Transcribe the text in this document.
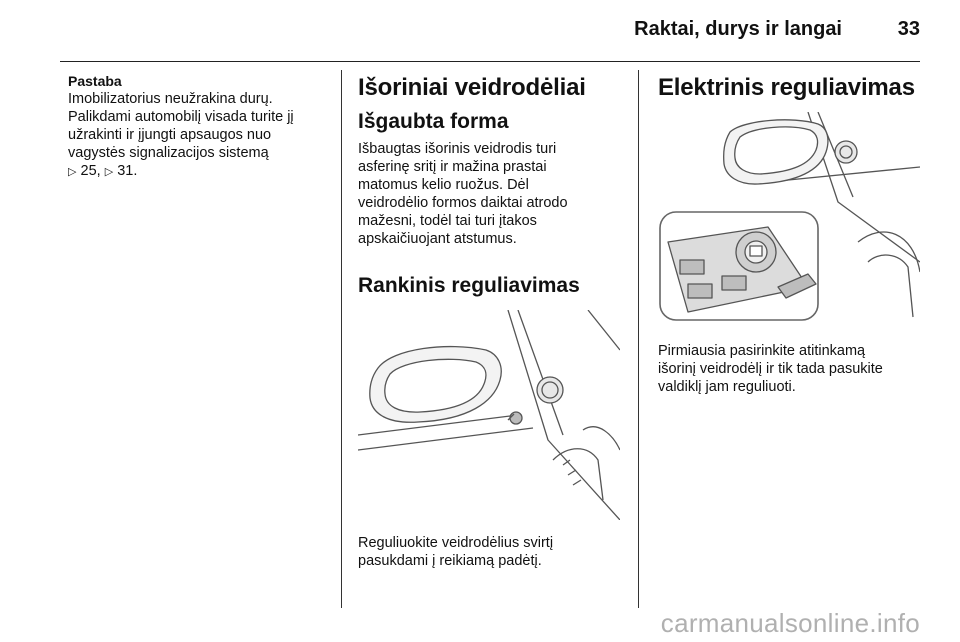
Raktai, durys ir langai	33

Pastaba

Imobilizatorius neužrakina durų.

Palikdami automobilį visada turite jį

užrakinti ir įjungti apsaugos nuo

vagystės signalizacijos sistemą

▷ 25, ▷ 31.

Išoriniai veidrodėliai

Išgaubta forma

Išbaugtas išorinis veidrodis turi

asferinę sritį ir mažina prastai

matomus kelio ruožus. Dėl

veidrodėlio formos daiktai atrodo

mažesni, todėl tai turi įtakos

apskaičiuojant atstumus.

Rankinis reguliavimas

Reguliuokite veidrodėlius svirtį

pasukdami į reikiamą padėtį.

Elektrinis reguliavimas

Pirmiausia pasirinkite atitinkamą

išorinį veidrodėlį ir tik tada pasukite

valdiklį jam reguliuoti.

carmanualsonline.info
